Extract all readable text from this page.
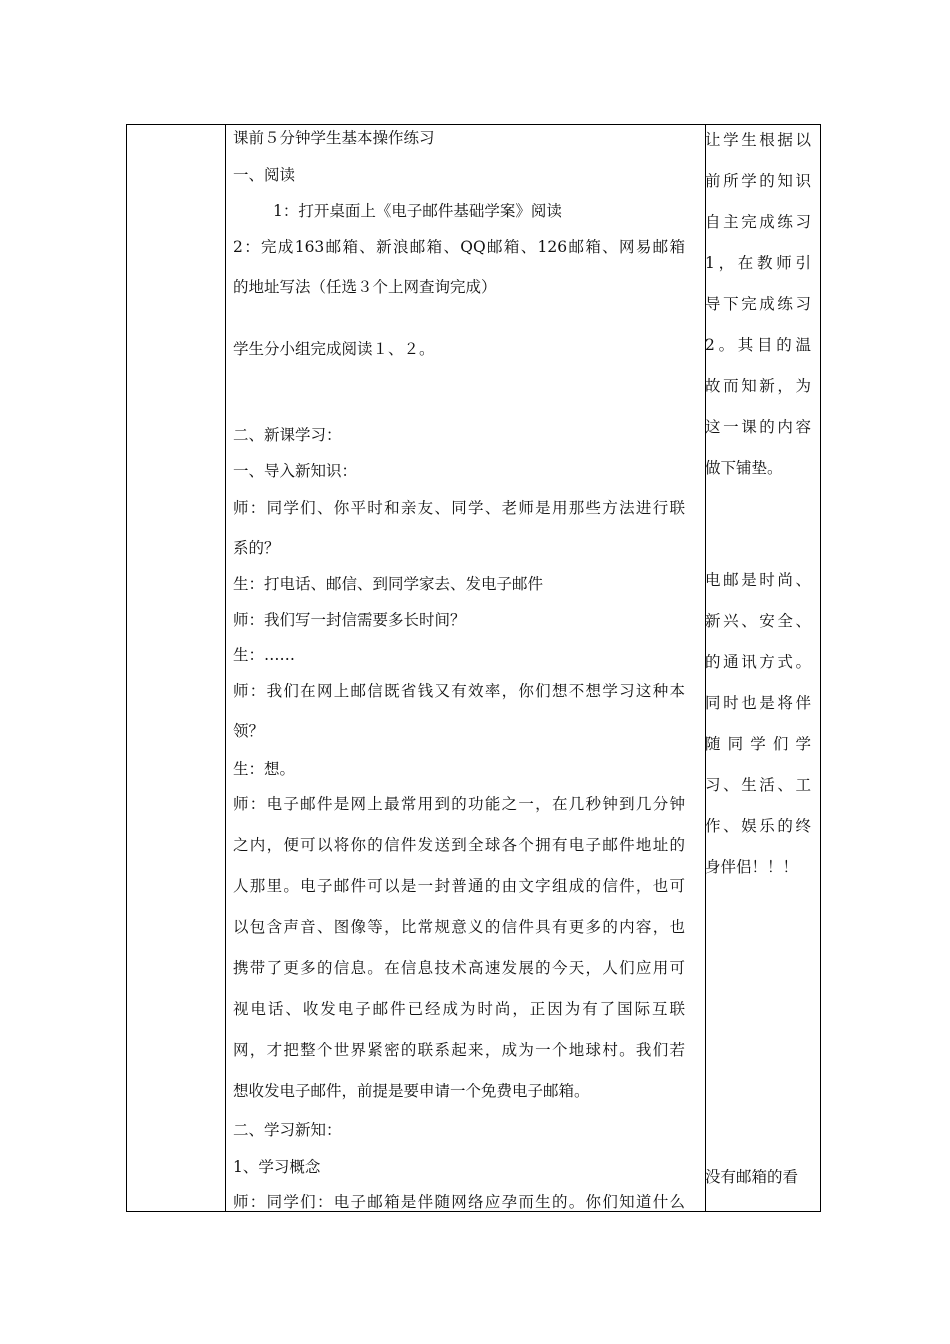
课前５分钟学生基本操作练习
一、阅读
1：打开桌面上《电子邮件基础学案》阅读
2：完成163邮箱、新浪邮箱、QQ邮箱、126邮箱、网易邮箱
的地址写法（任选３个上网查询完成）
学生分小组完成阅读１、２。
二、新课学习：
一、导入新知识：
师：同学们、你平时和亲友、同学、老师是用那些方法进行联
系的？
生：打电话、邮信、到同学家去、发电子邮件
师：我们写一封信需要多长时间？
生：……
师：我们在网上邮信既省钱又有效率，你们想不想学习这种本
领？
生：想。
师：电子邮件是网上最常用到的功能之一，在几秒钟到几分钟
之内，便可以将你的信件发送到全球各个拥有电子邮件地址的
人那里。电子邮件可以是一封普通的由文字组成的信件，也可
以包含声音、图像等，比常规意义的信件具有更多的内容，也
携带了更多的信息。在信息技术高速发展的今天，人们应用可
视电话、收发电子邮件已经成为时尚，正因为有了国际互联
网，才把整个世界紧密的联系起来，成为一个地球村。我们若
想收发电子邮件，前提是要申请一个免费电子邮箱。
二、学习新知：
1、学习概念
师：同学们：电子邮箱是伴随网络应孕而生的。你们知道什么
让学生根据以
前所学的知识
自主完成练习
1，在教师引
导下完成练习
2。其目的温
故而知新，为
这一课的内容
做下铺垫。
电邮是时尚、
新兴、安全、
的通讯方式。
同时也是将伴
随同学们学
习、生活、工
作、娱乐的终
身伴侣！！！
没有邮箱的看
